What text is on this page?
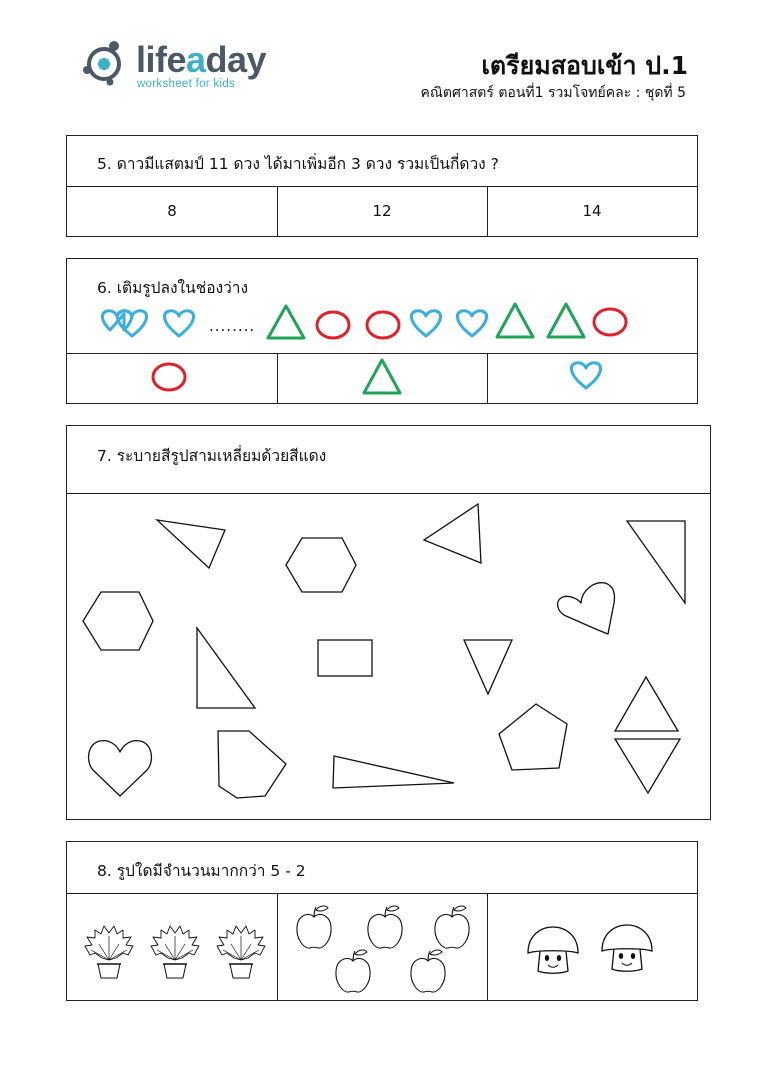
lifeaday
worksheet for kids
เตรียมสอบเข้า ป.1
คณิตศาสตร์ ตอนที่1 รวมโจทย์คละ : ชุดที่ 5
5. ดาวมีแสตมป์ 11 ดวง ได้มาเพิ่มอีก 3 ดวง รวมเป็นกี่ดวง ?
8	12	14
6. เติมรูปลงในช่องว่าง
........
7. ระบายสีรูปสามเหลี่ยมด้วยสีแดง
8. รูปใดมีจำนวนมากกว่า 5 - 2
